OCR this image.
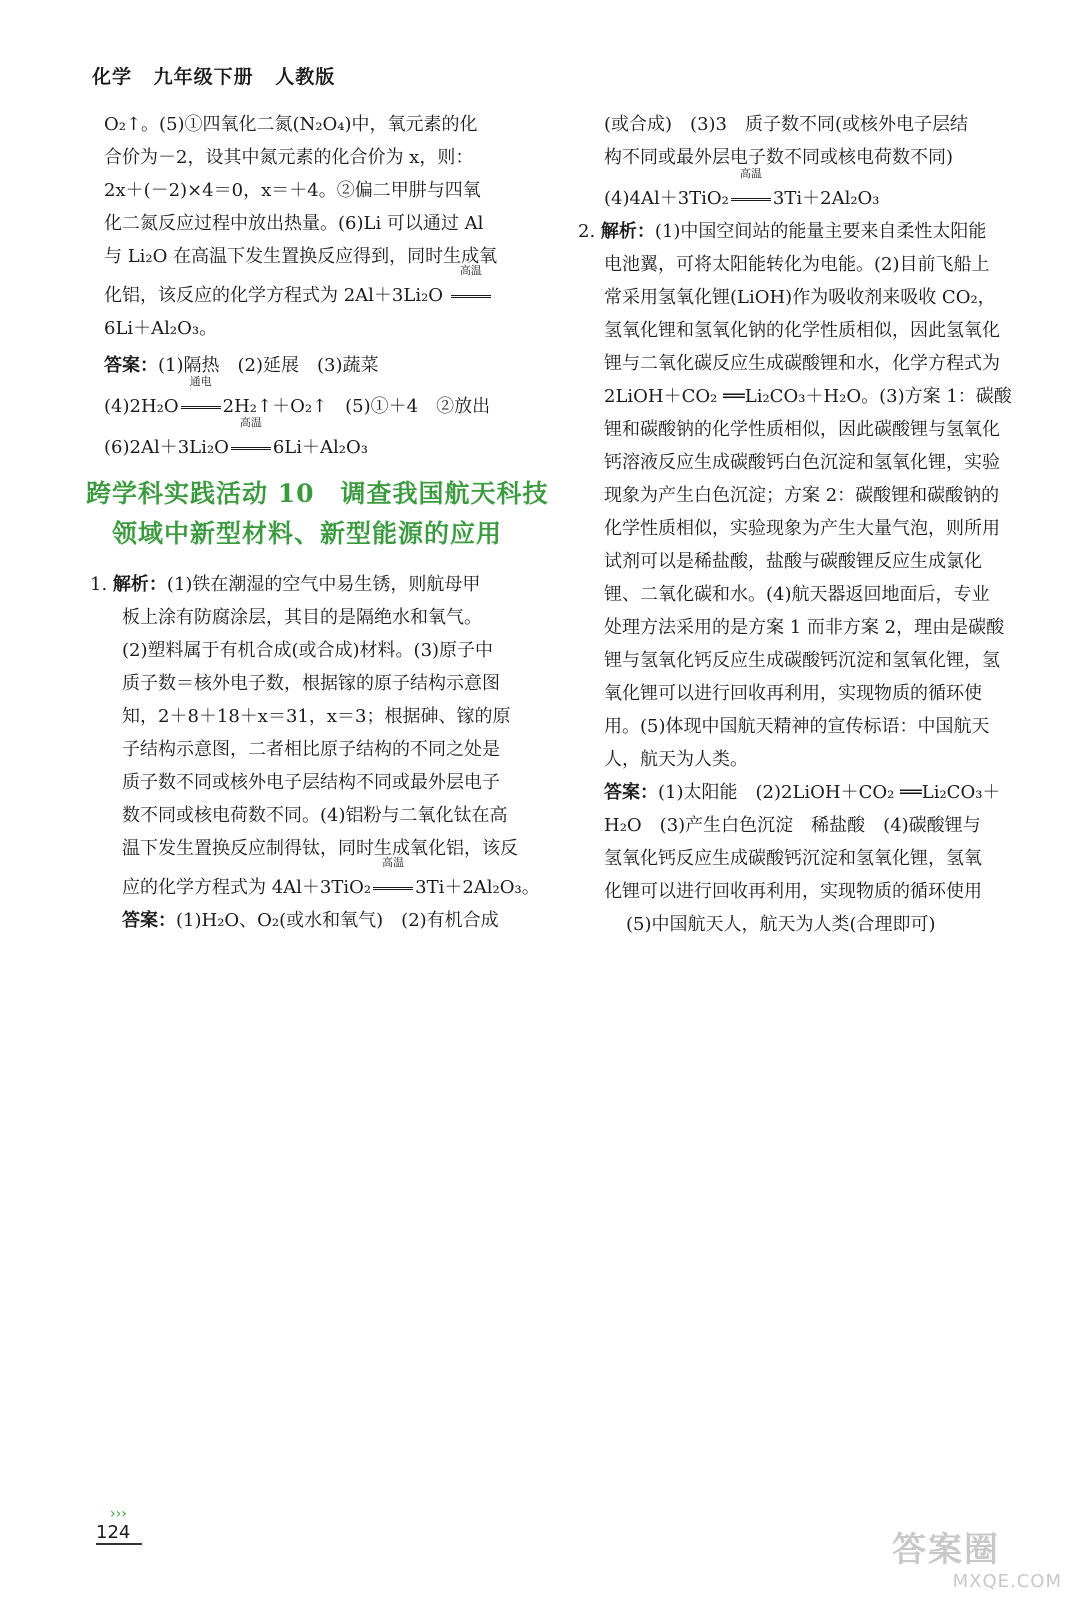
化学 九年级下册 人教版
O₂↑。(5)①四氧化二氮(N₂O₄)中，氧元素的化
合价为－2，设其中氮元素的化合价为 x，则：
2x＋(－2)×4＝0，x＝＋4。②偏二甲肼与四氧
化二氮反应过程中放出热量。(6)Li 可以通过 Al
与 Li₂O 在高温下发生置换反应得到，同时生成氧
化铝，该反应的化学方程式为 2Al＋3Li₂O
高温
6Li＋Al₂O₃。
答案：(1)隔热　(2)延展　(3)蔬菜
(4)2H₂O
通电
2H₂↑＋O₂↑　(5)①＋4　②放出
(6)2Al＋3Li₂O
高温
6Li＋Al₂O₃
跨学科实践活动 10　调查我国航天科技
领域中新型材料、新型能源的应用
1. 解析：(1)铁在潮湿的空气中易生锈，则航母甲
板上涂有防腐涂层，其目的是隔绝水和氧气。
(2)塑料属于有机合成(或合成)材料。(3)原子中
质子数＝核外电子数，根据镓的原子结构示意图
知，2＋8＋18＋x＝31，x＝3；根据砷、镓的原
子结构示意图，二者相比原子结构的不同之处是
质子数不同或核外电子层结构不同或最外层电子
数不同或核电荷数不同。(4)铝粉与二氧化钛在高
温下发生置换反应制得钛，同时生成氧化铝，该反
应的化学方程式为 4Al＋3TiO₂
高温
3Ti＋2Al₂O₃。
答案：(1)H₂O、O₂(或水和氧气)　(2)有机合成
(或合成)　(3)3　质子数不同(或核外电子层结
构不同或最外层电子数不同或核电荷数不同)
(4)4Al＋3TiO₂
高温
3Ti＋2Al₂O₃
2. 解析：(1)中国空间站的能量主要来自柔性太阳能
电池翼，可将太阳能转化为电能。(2)目前飞船上
常采用氢氧化锂(LiOH)作为吸收剂来吸收 CO₂，
氢氧化锂和氢氧化钠的化学性质相似，因此氢氧化
锂与二氧化碳反应生成碳酸锂和水，化学方程式为
2LiOH＋CO₂ ══Li₂CO₃＋H₂O。(3)方案 1：碳酸
锂和碳酸钠的化学性质相似，因此碳酸锂与氢氧化
钙溶液反应生成碳酸钙白色沉淀和氢氧化锂，实验
现象为产生白色沉淀；方案 2：碳酸锂和碳酸钠的
化学性质相似，实验现象为产生大量气泡，则所用
试剂可以是稀盐酸，盐酸与碳酸锂反应生成氯化
锂、二氧化碳和水。(4)航天器返回地面后，专业
处理方法采用的是方案 1 而非方案 2，理由是碳酸
锂与氢氧化钙反应生成碳酸钙沉淀和氢氧化锂，氢
氧化锂可以进行回收再利用，实现物质的循环使
用。(5)体现中国航天精神的宣传标语：中国航天
人，航天为人类。
答案：(1)太阳能　(2)2LiOH＋CO₂ ══Li₂CO₃＋
H₂O　(3)产生白色沉淀　稀盐酸　(4)碳酸锂与
氢氧化钙反应生成碳酸钙沉淀和氢氧化锂，氢氧
化锂可以进行回收再利用，实现物质的循环使用
(5)中国航天人，航天为人类(合理即可)
›››
124	答案圈
MXQE.COM
